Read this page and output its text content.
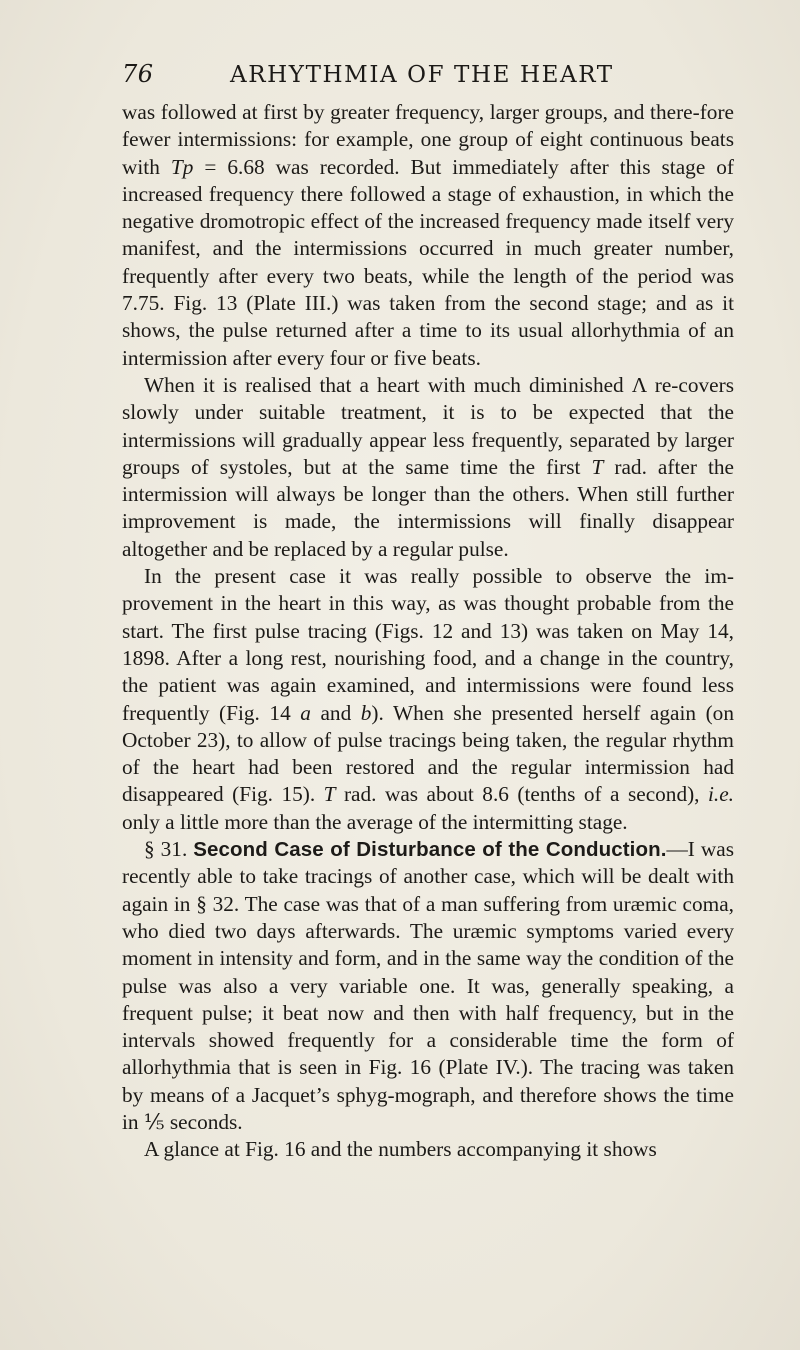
76	ARHYTHMIA OF THE HEART

was followed at first by greater frequency, larger groups, and there-fore fewer intermissions: for example, one group of eight continuous beats with Tp = 6.68 was recorded. But immediately after this stage of increased frequency there followed a stage of exhaustion, in which the negative dromotropic effect of the increased frequency made itself very manifest, and the intermissions occurred in much greater number, frequently after every two beats, while the length of the period was 7.75. Fig. 13 (Plate III.) was taken from the second stage; and as it shows, the pulse returned after a time to its usual allorhythmia of an intermission after every four or five beats.

When it is realised that a heart with much diminished Λ re-covers slowly under suitable treatment, it is to be expected that the intermissions will gradually appear less frequently, separated by larger groups of systoles, but at the same time the first T rad. after the intermission will always be longer than the others. When still further improvement is made, the intermissions will finally disappear altogether and be replaced by a regular pulse.

In the present case it was really possible to observe the im-provement in the heart in this way, as was thought probable from the start. The first pulse tracing (Figs. 12 and 13) was taken on May 14, 1898. After a long rest, nourishing food, and a change in the country, the patient was again examined, and intermissions were found less frequently (Fig. 14 a and b). When she presented herself again (on October 23), to allow of pulse tracings being taken, the regular rhythm of the heart had been restored and the regular intermission had disappeared (Fig. 15). T rad. was about 8.6 (tenths of a second), i.e. only a little more than the average of the intermitting stage.

§ 31. Second Case of Disturbance of the Conduction.—I was recently able to take tracings of another case, which will be dealt with again in § 32. The case was that of a man suffering from uræmic coma, who died two days afterwards. The uræmic symptoms varied every moment in intensity and form, and in the same way the condition of the pulse was also a very variable one. It was, generally speaking, a frequent pulse; it beat now and then with half frequency, but in the intervals showed frequently for a considerable time the form of allorhythmia that is seen in Fig. 16 (Plate IV.). The tracing was taken by means of a Jacquet’s sphyg-mograph, and therefore shows the time in ⅕ seconds.

A glance at Fig. 16 and the numbers accompanying it shows
